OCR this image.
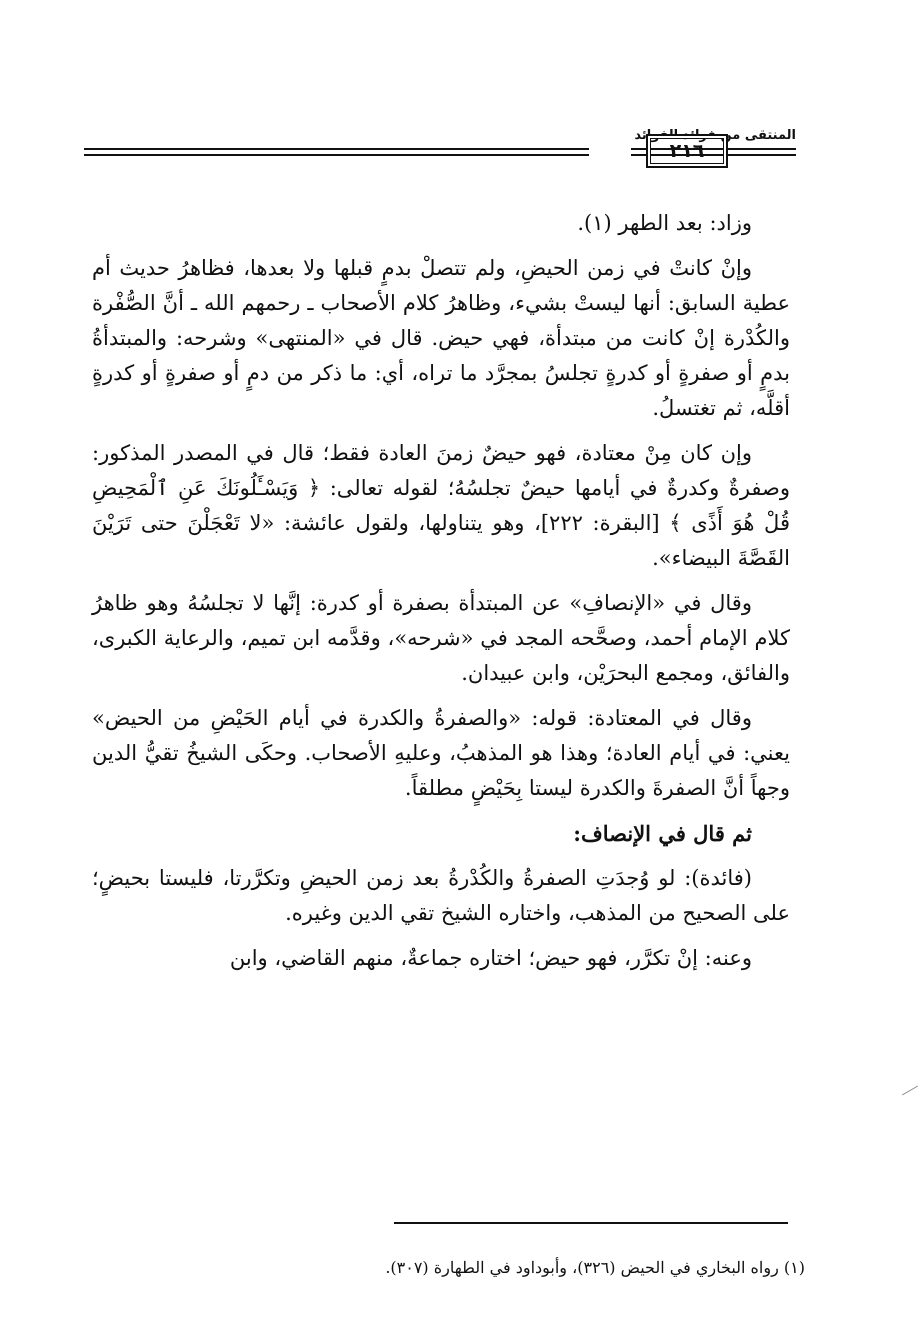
المنتقى من فرائد الفوائد
٢١٦

وزاد: بعد الطهر (١).

وإنْ كانتْ في زمن الحيضِ، ولم تتصلْ بدمٍ قبلها ولا بعدها، فظاهرُ حديث أم عطية السابق: أنها ليستْ بشيء، وظاهرُ كلام الأصحاب ـ رحمهم الله ـ أنَّ الصُّفْرة والكُدْرة إنْ كانت من مبتدأة، فهي حيض. قال في «المنتهى» وشرحه: والمبتدأةُ بدمٍ أو صفرةٍ أو كدرةٍ تجلسُ بمجرَّد ما تراه، أي: ما ذكر من دمٍ أو صفرةٍ أو كدرةٍ أقلَّه، ثم تغتسلُ.

وإن كان مِنْ معتادة، فهو حيضٌ زمنَ العادة فقط؛ قال في المصدر المذكور: وصفرةٌ وكدرةٌ في أيامها حيضٌ تجلسُهُ؛ لقوله تعالى: ﴿ وَيَسْـَٔلُونَكَ عَنِ ٱلْمَحِيضِ قُلْ هُوَ أَذًى ﴾ [البقرة: ٢٢٢]، وهو يتناولها، ولقول عائشة: «لا تَعْجَلْنَ حتى تَرَيْنَ القَصَّةَ البيضاء».

وقال في «الإنصافِ» عن المبتدأة بصفرة أو كدرة: إنَّها لا تجلسُهُ وهو ظاهرُ كلام الإمام أحمد، وصحَّحه المجد في «شرحه»، وقدَّمه ابن تميم، والرعاية الكبرى، والفائق، ومجمع البحرَيْن، وابن عبيدان.

وقال في المعتادة: قوله: «والصفرةُ والكدرة في أيام الحَيْضِ من الحيض» يعني: في أيام العادة؛ وهذا هو المذهبُ، وعليهِ الأصحاب. وحكَى الشيخُ تقيُّ الدين وجهاً أنَّ الصفرةَ والكدرة ليستا بِحَيْضٍ مطلقاً.

ثم قال في الإنصاف:

(فائدة): لو وُجدَتِ الصفرةُ والكُدْرةُ بعد زمن الحيضِ وتكرَّرتا، فليستا بحيضٍ؛ على الصحيح من المذهب، واختاره الشيخ تقي الدين وغيره.

وعنه: إنْ تكرَّر، فهو حيض؛ اختاره جماعةٌ، منهم القاضي، وابن

(١) رواه البخاري في الحيض (٣٢٦)، وأبوداود في الطهارة (٣٠٧).
